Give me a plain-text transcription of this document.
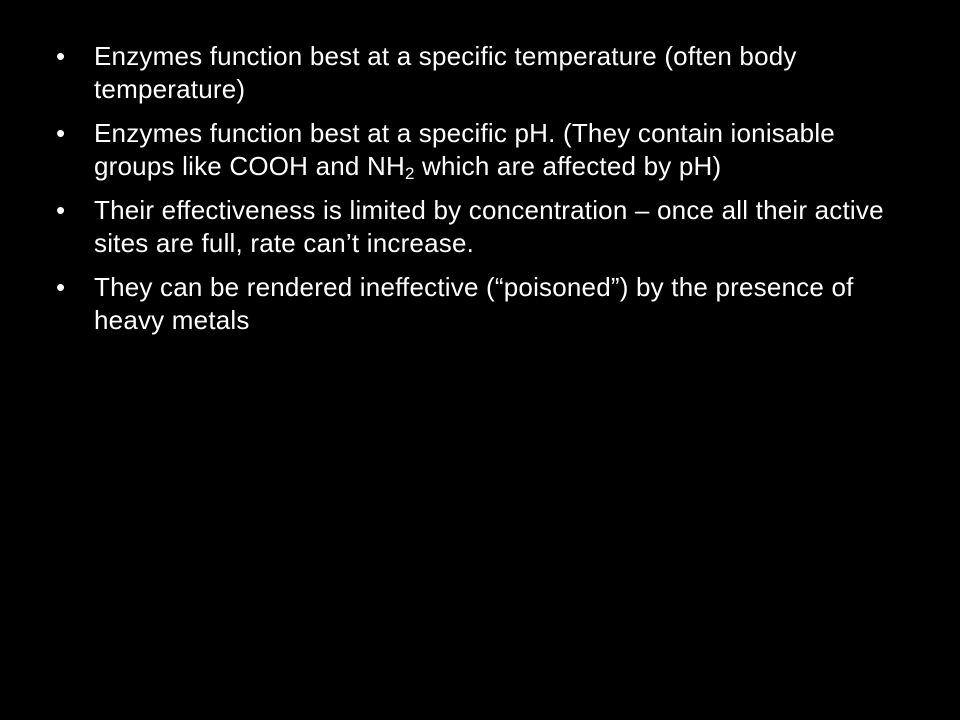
•	Enzymes function best at a specific temperature (often body temperature)
•	Enzymes function best at a specific pH. (They contain ionisable groups like COOH and $NH_2$ which are affected by pH)
•	Their effectiveness is limited by concentration – once all their active sites are full, rate can’t increase.
•	They can be rendered ineffective (“poisoned”) by the presence of heavy metals
